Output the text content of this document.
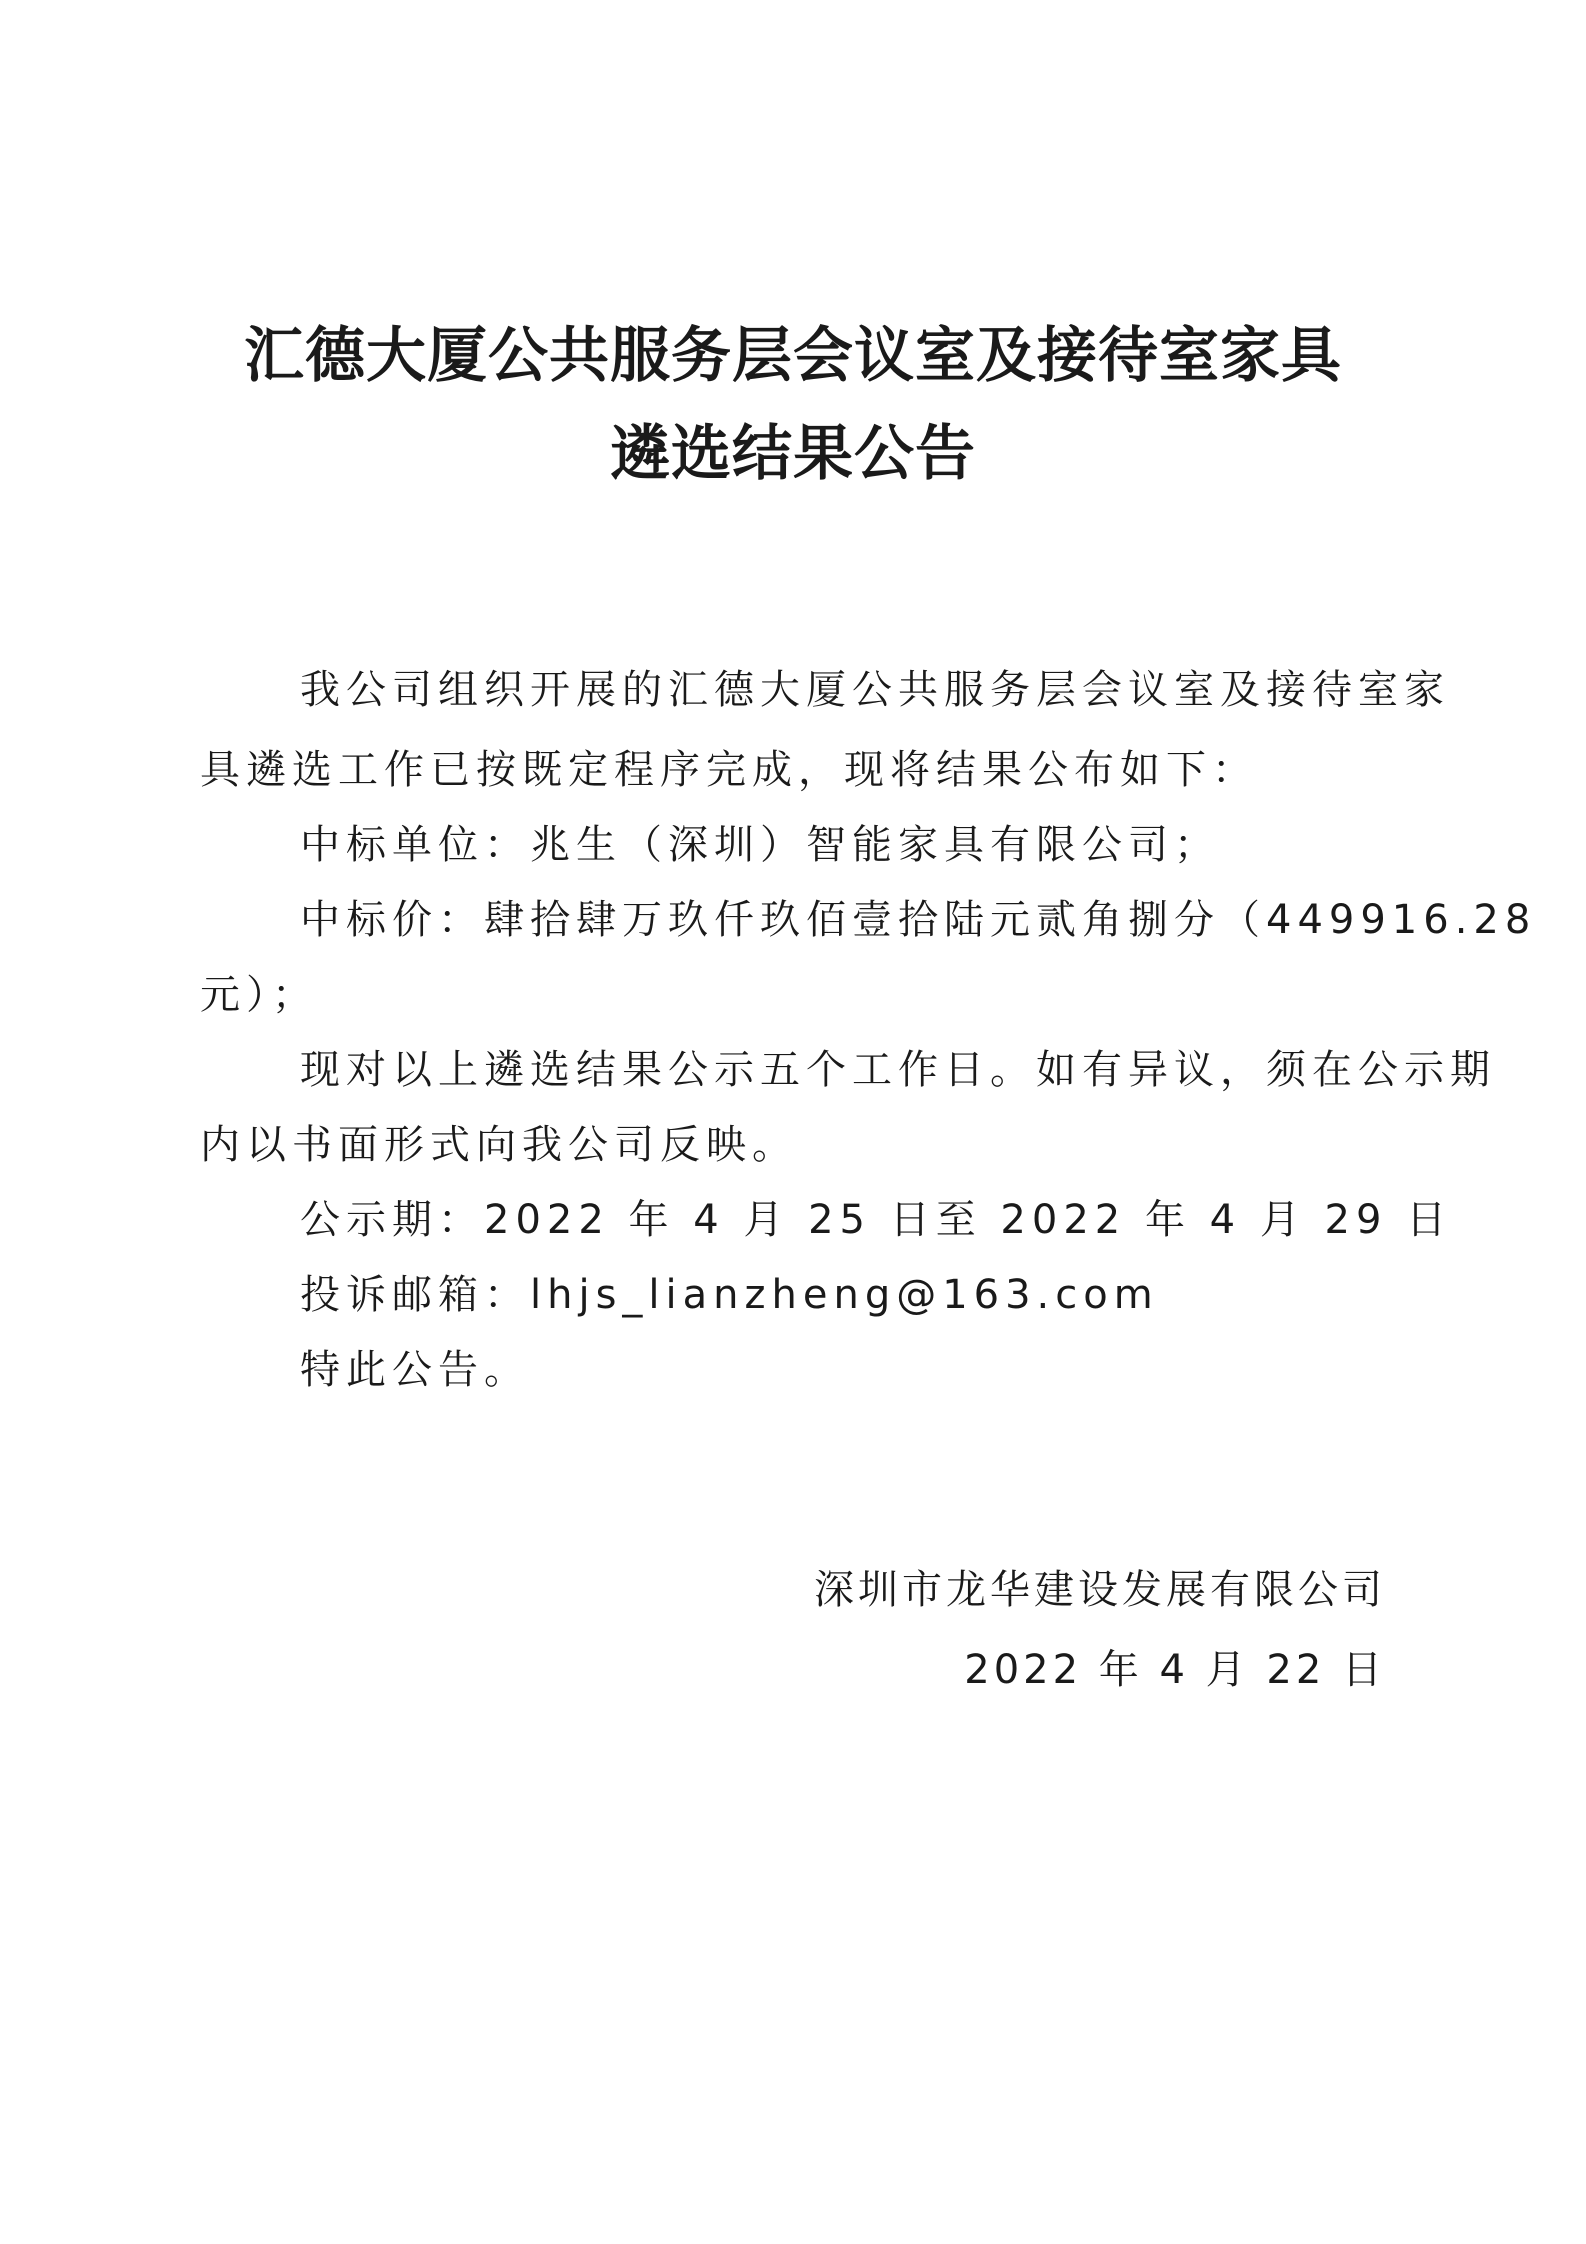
汇德大厦公共服务层会议室及接待室家具
遴选结果公告
我公司组织开展的汇德大厦公共服务层会议室及接待室家
具遴选工作已按既定程序完成，现将结果公布如下：
中标单位：兆生（深圳）智能家具有限公司；
中标价：肆拾肆万玖仟玖佰壹拾陆元贰角捌分（449916.28
元）；
现对以上遴选结果公示五个工作日。如有异议，须在公示期
内以书面形式向我公司反映。
公示期：2022 年 4 月 25 日至 2022 年 4 月 29 日
投诉邮箱：lhjs_lianzheng@163.com
特此公告。
深圳市龙华建设发展有限公司
2022 年 4 月 22 日
